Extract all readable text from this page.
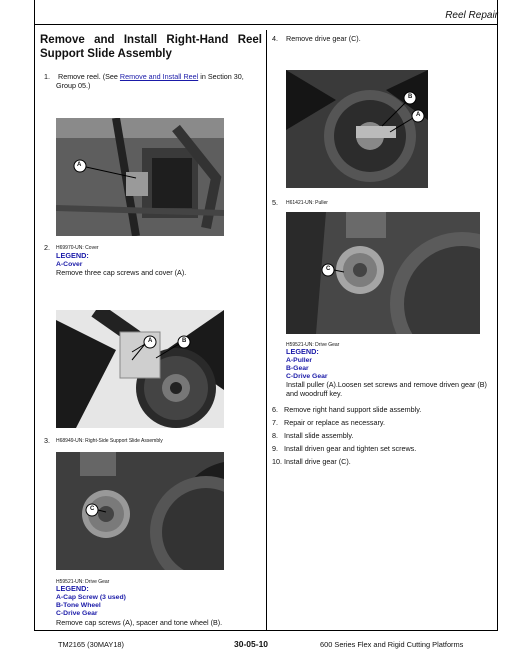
Reel Repair
Remove and Install Right-Hand Reel
Support Slide Assembly
1. Remove reel. (See Remove and Install Reel in Section 30,
Group 05.)
A
2. H69970-UN: Cover
LEGEND:
A-Cover
Remove three cap screws and cover (A).
A	B
3. H68949-UN: Right-Side Support Slide Assembly
C
H59521-UN: Drive Gear
LEGEND:
A-Cap Screw (3 used)
B-Tone Wheel
C-Drive Gear
Remove cap screws (A), spacer and tone wheel (B).
4. Remove drive gear (C).
B
A
5. H61421-UN: Puller
C
H59521-UN: Drive Gear
LEGEND:
A-Puller
B-Gear
C-Drive Gear
Install puller (A).Loosen set screws and remove driven gear (B)
and woodruff key.
6. Remove right hand support slide assembly.
7. Repair or replace as necessary.
8. Install slide assembly.
9. Install driven gear and tighten set screws.
10. Install drive gear (C).
TM2165 (30MAY18)	30-05-10	600 Series Flex and Rigid Cutting Platforms
